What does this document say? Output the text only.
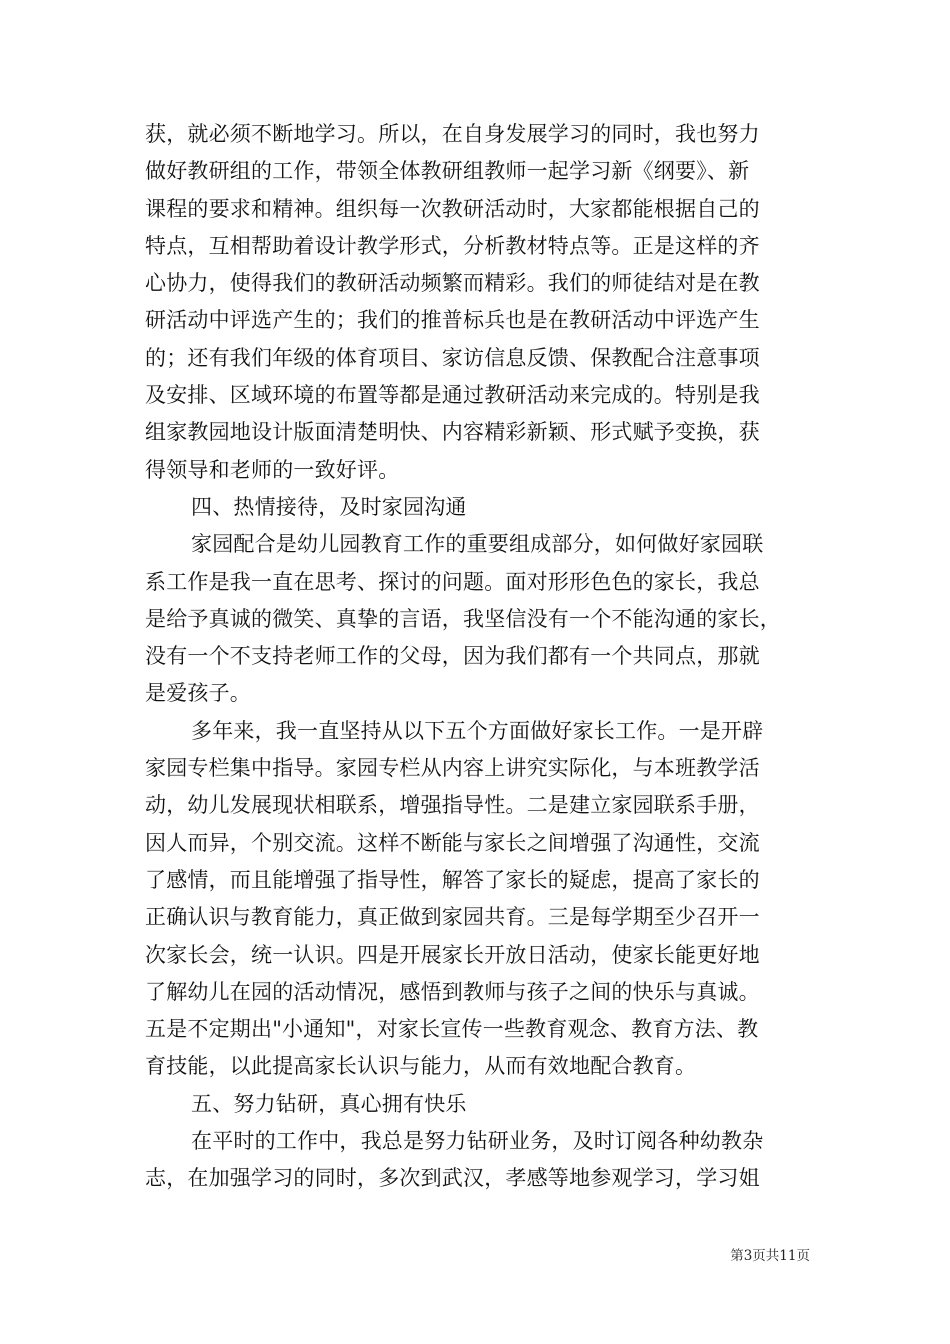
获，就必须不断地学习。所以，在自身发展学习的同时，我也努力
做好教研组的工作，带领全体教研组教师一起学习新《纲要》、新
课程的要求和精神。组织每一次教研活动时，大家都能根据自己的
特点，互相帮助着设计教学形式，分析教材特点等。正是这样的齐
心协力，使得我们的教研活动频繁而精彩。我们的师徒结对是在教
研活动中评选产生的；我们的推普标兵也是在教研活动中评选产生
的；还有我们年级的体育项目、家访信息反馈、保教配合注意事项
及安排、区域环境的布置等都是通过教研活动来完成的。特别是我
组家教园地设计版面清楚明快、内容精彩新颖、形式赋予变换，获
得领导和老师的一致好评。
四、热情接待，及时家园沟通
家园配合是幼儿园教育工作的重要组成部分，如何做好家园联
系工作是我一直在思考、探讨的问题。面对形形色色的家长，我总
是给予真诚的微笑、真挚的言语，我坚信没有一个不能沟通的家长，
没有一个不支持老师工作的父母，因为我们都有一个共同点，那就
是爱孩子。
多年来，我一直坚持从以下五个方面做好家长工作。一是开辟
家园专栏集中指导。家园专栏从内容上讲究实际化，与本班教学活
动，幼儿发展现状相联系，增强指导性。二是建立家园联系手册，
因人而异，个别交流。这样不断能与家长之间增强了沟通性，交流
了感情，而且能增强了指导性，解答了家长的疑虑，提高了家长的
正确认识与教育能力，真正做到家园共育。三是每学期至少召开一
次家长会，统一认识。四是开展家长开放日活动，使家长能更好地
了解幼儿在园的活动情况，感悟到教师与孩子之间的快乐与真诚。
五是不定期出"小通知"，对家长宣传一些教育观念、教育方法、教
育技能，以此提高家长认识与能力，从而有效地配合教育。
五、努力钻研，真心拥有快乐
在平时的工作中，我总是努力钻研业务，及时订阅各种幼教杂
志，在加强学习的同时，多次到武汉，孝感等地参观学习，学习姐
第3页共11页
